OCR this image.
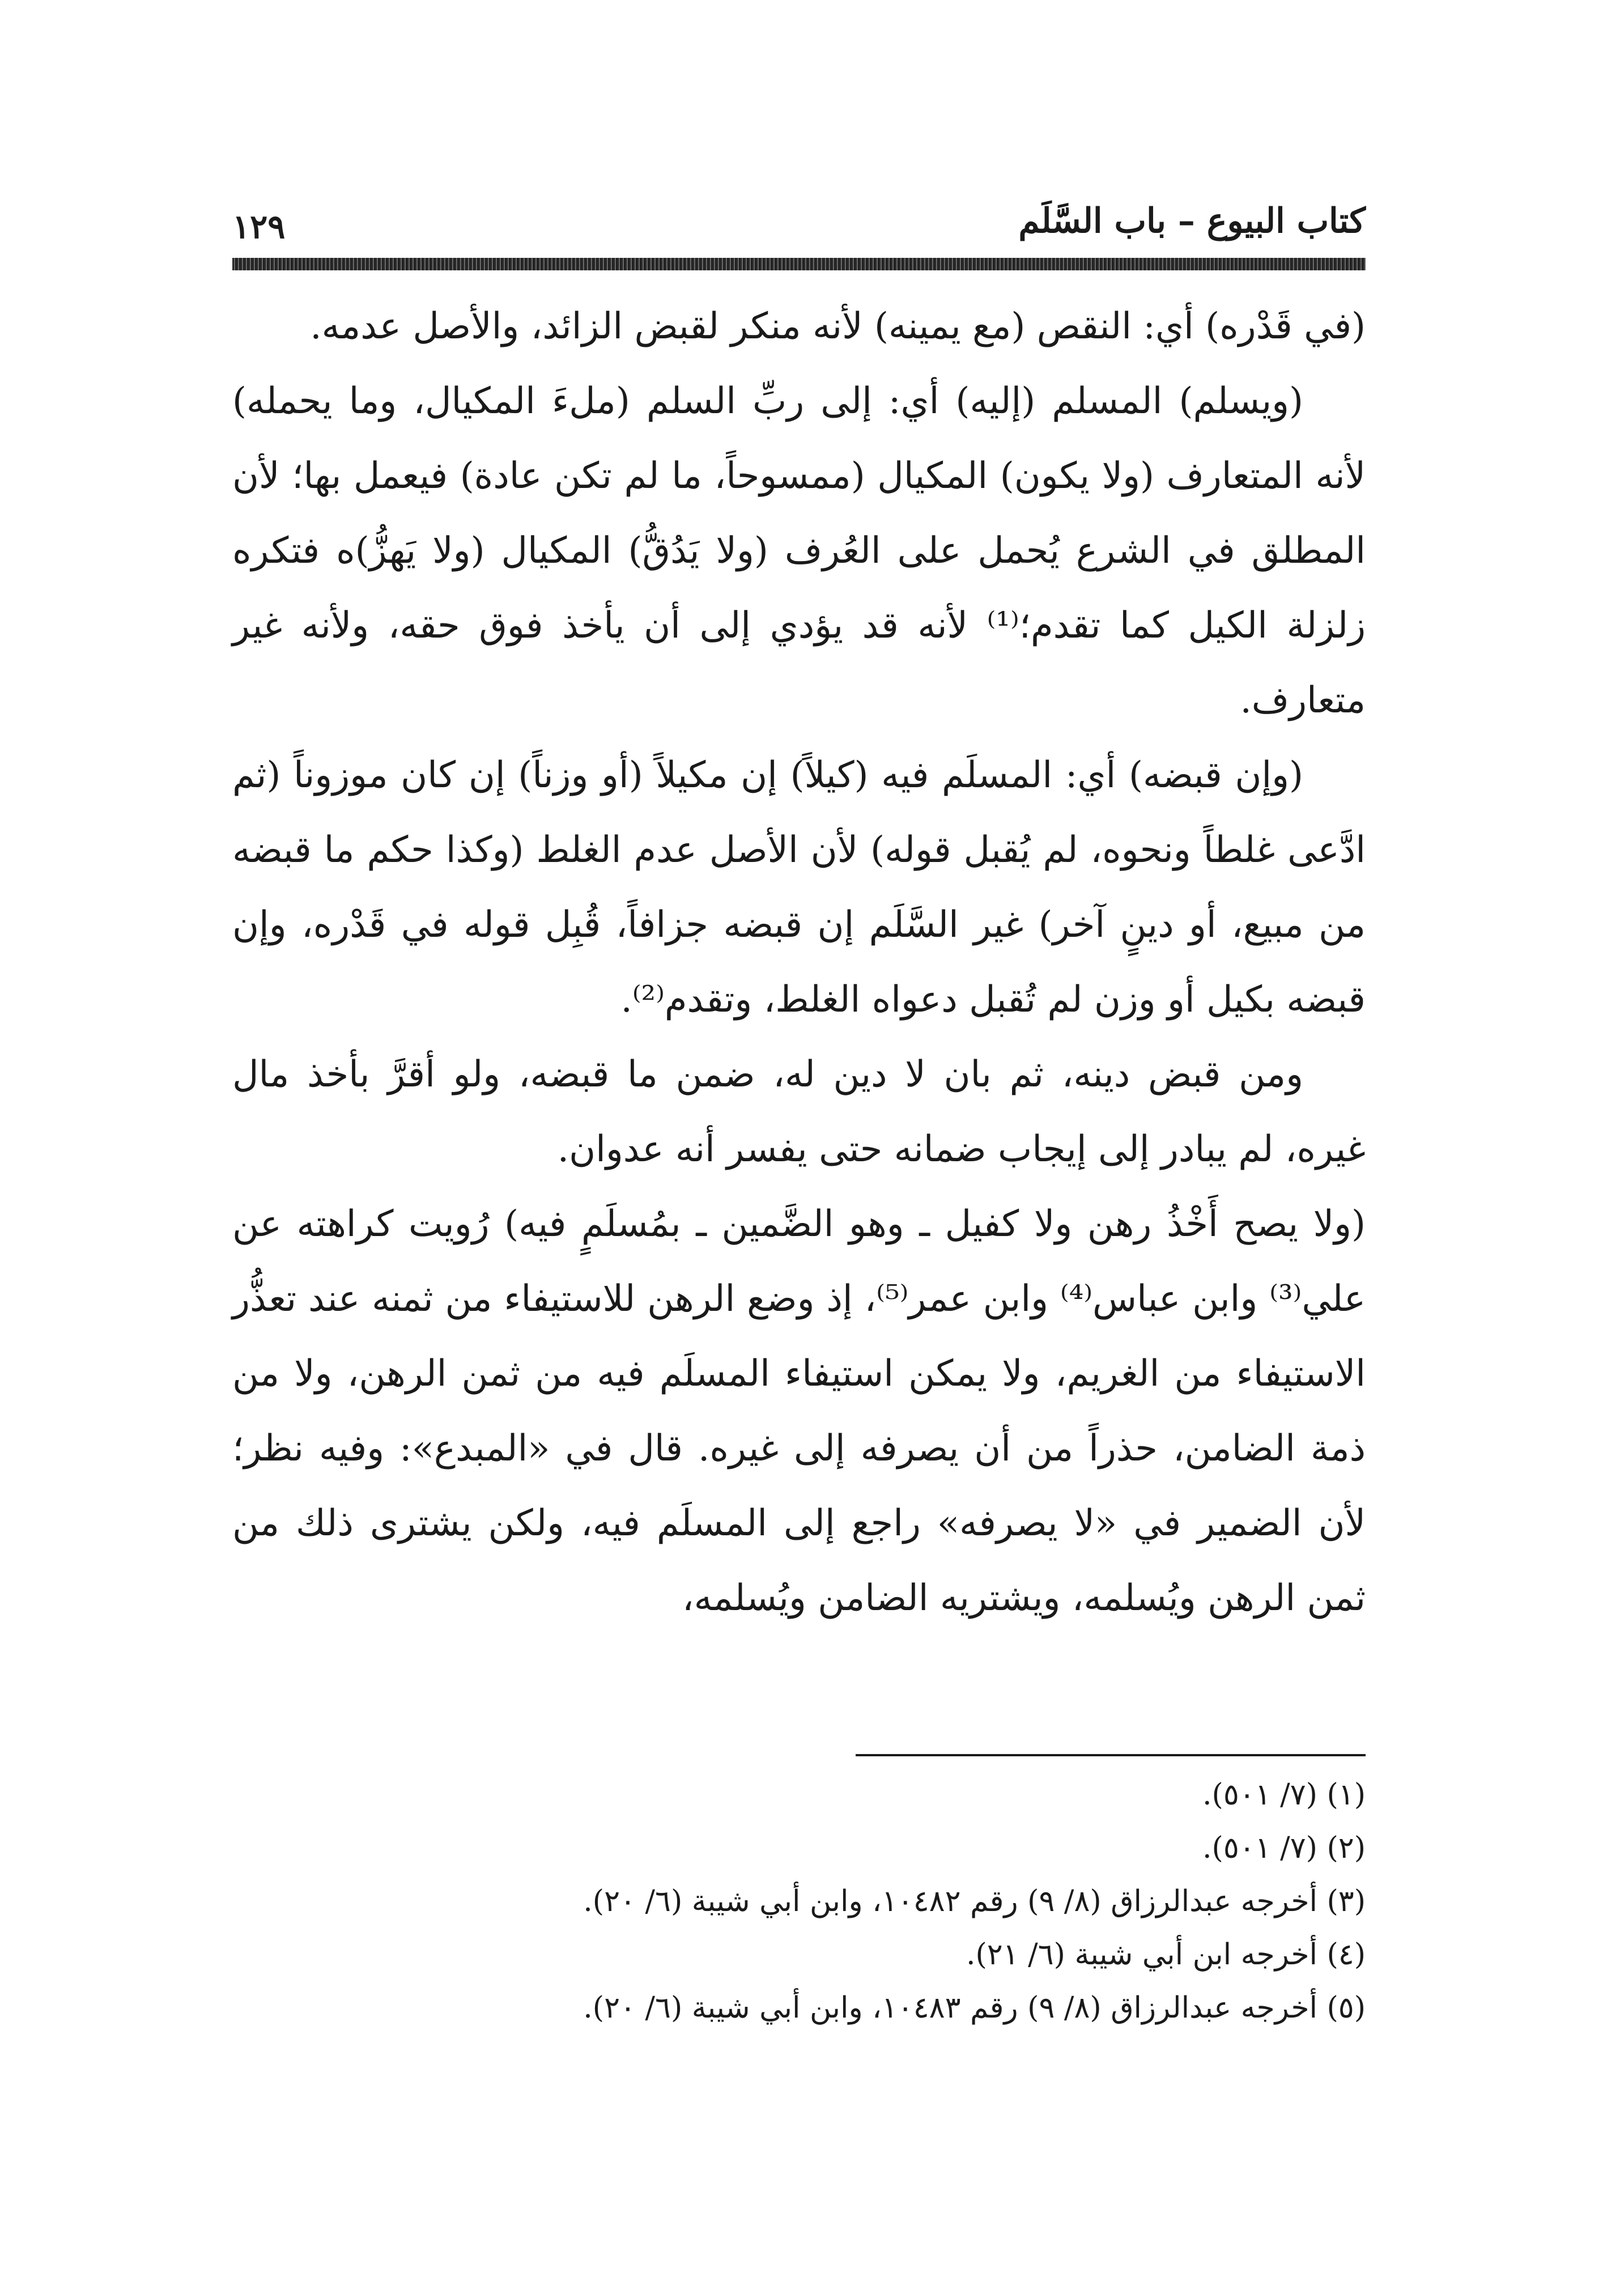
كتاب البيوع – باب السَّلَم
١٢٩

(في قَدْره) أي: النقص (مع يمينه) لأنه منكر لقبض الزائد، والأصل عدمه.

(ويسلم) المسلم (إليه) أي: إلى ربِّ السلم (ملءَ المكيال، وما يحمله) لأنه المتعارف (ولا يكون) المكيال (ممسوحاً، ما لم تكن عادة) فيعمل بها؛ لأن المطلق في الشرع يُحمل على العُرف (ولا يَدُقُّ) المكيال (ولا يَهزُّ)ه فتكره زلزلة الكيل كما تقدم؛⁽¹⁾ لأنه قد يؤدي إلى أن يأخذ فوق حقه، ولأنه غير متعارف.

(وإن قبضه) أي: المسلَم فيه (كيلاً) إن مكيلاً (أو وزناً) إن كان موزوناً (ثم ادَّعى غلطاً ونحوه، لم يُقبل قوله) لأن الأصل عدم الغلط (وكذا حكم ما قبضه من مبيع، أو دينٍ آخر) غير السَّلَم إن قبضه جزافاً، قُبِل قوله في قَدْره، وإن قبضه بكيل أو وزن لم تُقبل دعواه الغلط، وتقدم⁽²⁾.

ومن قبض دينه، ثم بان لا دين له، ضمن ما قبضه، ولو أقرَّ بأخذ مال غيره، لم يبادر إلى إيجاب ضمانه حتى يفسر أنه عدوان.

(ولا يصح أَخْذُ رهن ولا كفيل ـ وهو الضَّمين ـ بمُسلَمٍ فيه) رُويت كراهته عن علي⁽³⁾ وابن عباس⁽⁴⁾ وابن عمر⁽⁵⁾، إذ وضع الرهن للاستيفاء من ثمنه عند تعذُّر الاستيفاء من الغريم، ولا يمكن استيفاء المسلَم فيه من ثمن الرهن، ولا من ذمة الضامن، حذراً من أن يصرفه إلى غيره. قال في «المبدع»: وفيه نظر؛ لأن الضمير في «لا يصرفه» راجع إلى المسلَم فيه، ولكن يشترى ذلك من ثمن الرهن ويُسلمه، ويشتريه الضامن ويُسلمه،

(١) (٧/ ٥٠١).

(٢) (٧/ ٥٠١).

(٣) أخرجه عبدالرزاق (٨/ ٩) رقم ١٠٤٨٢، وابن أبي شيبة (٦/ ٢٠).

(٤) أخرجه ابن أبي شيبة (٦/ ٢١).

(٥) أخرجه عبدالرزاق (٨/ ٩) رقم ١٠٤٨٣، وابن أبي شيبة (٦/ ٢٠).
